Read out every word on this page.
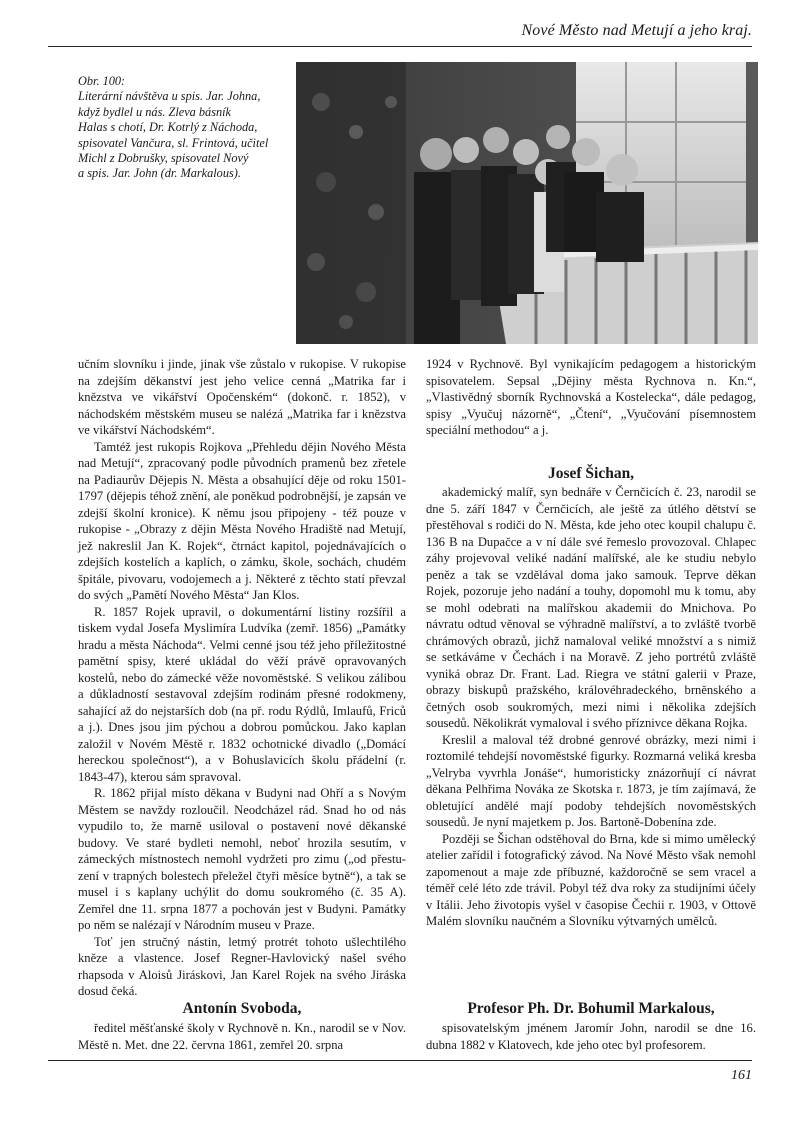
Nové Město nad Metují a jeho kraj.
Obr. 100:
Literární návštěva u spis. Jar. Johna,
když bydlel u nás. Zleva básník
Halas s chotí, Dr. Kotrlý z Náchoda,
spisovatel Vančura, sl. Frintová, učitel
Michl z Dobrušky, spisovatel Nový
a spis. Jar. John (dr. Markalous).

učním slovníku i jinde, jinak vše zůstalo v rukopise. V rukopise na zdejším děkanství jest jeho velice cenná „Matrika far i knězstva ve vikářství Opočenském“ (dokonč. r. 1852), v náchodském městském museu se nalézá „Matrika far i knězstva ve vikářství Náchodském“.

Tamtéž jest rukopis Rojkova „Přehledu dějin Nového Města nad Metují“, zpracovaný podle původních pramenů bez zřetele na Padiaurův Dějepis N. Města a obsahující děje od roku 1501-1797 (dějepis téhož znění, ale poněkud podrobnější, je zapsán ve zdejší školní kronice). K němu jsou připojeny - též pouze v rukopise - „Obrazy z dějin Města Nového Hradiště nad Metují, jež nakreslil Jan K. Rojek“, čtrnáct kapitol, pojednávajících o zdejších kostelích a kaplích, o zámku, škole, sochách, chudém špitále, pivovaru, vodojemech a j. Některé z těchto statí převzal do svých „Pamětí Nového Města“ Jan Klos.

R. 1857 Rojek upravil, o dokumentární listiny rozšířil a tiskem vydal Josefa Myslimíra Ludvíka (zemř. 1856) „Památky hradu a města Náchoda“. Velmi cenné jsou též jeho příležitostné pamětní spisy, které ukládal do věží právě opravovaných kostelů, nebo do zámecké věže novoměstské. S velikou zálibou a důkladností sestavoval zdejším rodinám přesné rodokmeny, sahající až do nejstarších dob (na př. rodu Rýdlů, Imlaufů, Friců a j.). Dnes jsou jim pýchou a dobrou pomůckou. Jako kaplan založil v Novém Městě r. 1832 ochotnické divadlo („Domácí hereckou společnost“), a v Bohuslavicích školu přádelní (r. 1843-47), kterou sám spravoval.

R. 1862 přijal místo děkana v Budyni nad Ohří a s Novým Městem se navždy rozloučil. Neodcházel rád. Snad ho od nás vypudilo to, že marně usiloval o postavení nové děkanské budovy. Ve staré bydleti nemohl, neboť hrozila sesutím, v zámeckých místnostech nemohl vydržeti pro zimu („od přestuzení v trapných bolestech přeležel čtyři měsíce bytně“), a tak se musel i s kaplany uchýlit do domu soukromého (č. 35 A). Zemřel dne 11. srpna 1877 a pochován jest v Budyni. Památky po něm se nalézají v Národním museu v Praze.

Toť jen stručný nástin, letmý protrét tohoto ušlechtilého kněze a vlastence. Josef Regner-Havlovický našel svého rhapsoda v Aloisů Jiráskovi, Jan Karel Rojek na svého Jiráska dosud čeká.

1924 v Rychnově. Byl vynikajícím pedagogem a historickým spisovatelem. Sepsal „Dějiny města Rychnova n. Kn.“, „Vlastivědný sborník Rychnovská a Kostelecka“, dále pedagog, spisy „Vyučuj názorně“, „Čtení“, „Vyučování písemnostem speciální methodou“ a j.

Josef Šichan,

akademický malíř, syn bednáře v Černčicích č. 23, narodil se dne 5. září 1847 v Černčicích, ale ještě za útlého dětství se přestěhoval s rodiči do N. Města, kde jeho otec koupil chalupu č. 136 B na Dupačce a v ní dále své řemeslo provozoval. Chlapec záhy projevoval veliké nadání malířské, ale ke studiu nebylo peněz a tak se vzdělával doma jako samouk. Teprve děkan Rojek, pozoruje jeho nadání a touhy, dopomohl mu k tomu, aby se mohl odebrati na malířskou akademii do Mnichova. Po návratu odtud věnoval se výhradně malířství, a to zvláště tvorbě chrámových obrazů, jichž namaloval veliké množství a s nimiž se setkáváme v Čechách i na Moravě. Z jeho portrétů zvláště vyniká obraz Dr. Frant. Lad. Riegra ve státní galerii v Praze, obrazy biskupů pražského, královéhradeckého, brněnského a četných osob soukromých, mezi nimi i několika zdejších sousedů. Několikrát vymaloval i svého příznivce děkana Rojka.

Kreslil a maloval též drobné genrové obrázky, mezi nimi i roztomilé tehdejší novoměstské figurky. Rozmarná veliká kresba „Velryba vyvrhla Jonáše“, humoristicky znázorňují cí návrat děkana Pelhřima Nováka ze Skotska r. 1873, je tím zajímavá, že obletující andělé mají podoby tehdejších novoměstských sousedů. Je nyní majetkem p. Jos. Bartoně-Dobenína zde.

Později se Šichan odstěhoval do Brna, kde si mimo umělecký atelier zařídil i fotografický závod. Na Nové Město však nemohl zapomenout a maje zde příbuzné, každoročně se sem vracel a téměř celé léto zde trávil. Pobyl též dva roky za studijními účely v Itálii. Jeho životopis vyšel v časopise Čechii r. 1903, v Ottově Malém slovníku naučném a Slovníku výtvarných umělců.

Antonín Svoboda,

ředitel měšťanské školy v Rychnově n. Kn., narodil se v Nov. Městě n. Met. dne 22. června 1861, zemřel 20. srpna

Profesor Ph. Dr. Bohumil Markalous,

spisovatelským jménem Jaromír John, narodil se dne 16. dubna 1882 v Klatovech, kde jeho otec byl profesorem.

161
